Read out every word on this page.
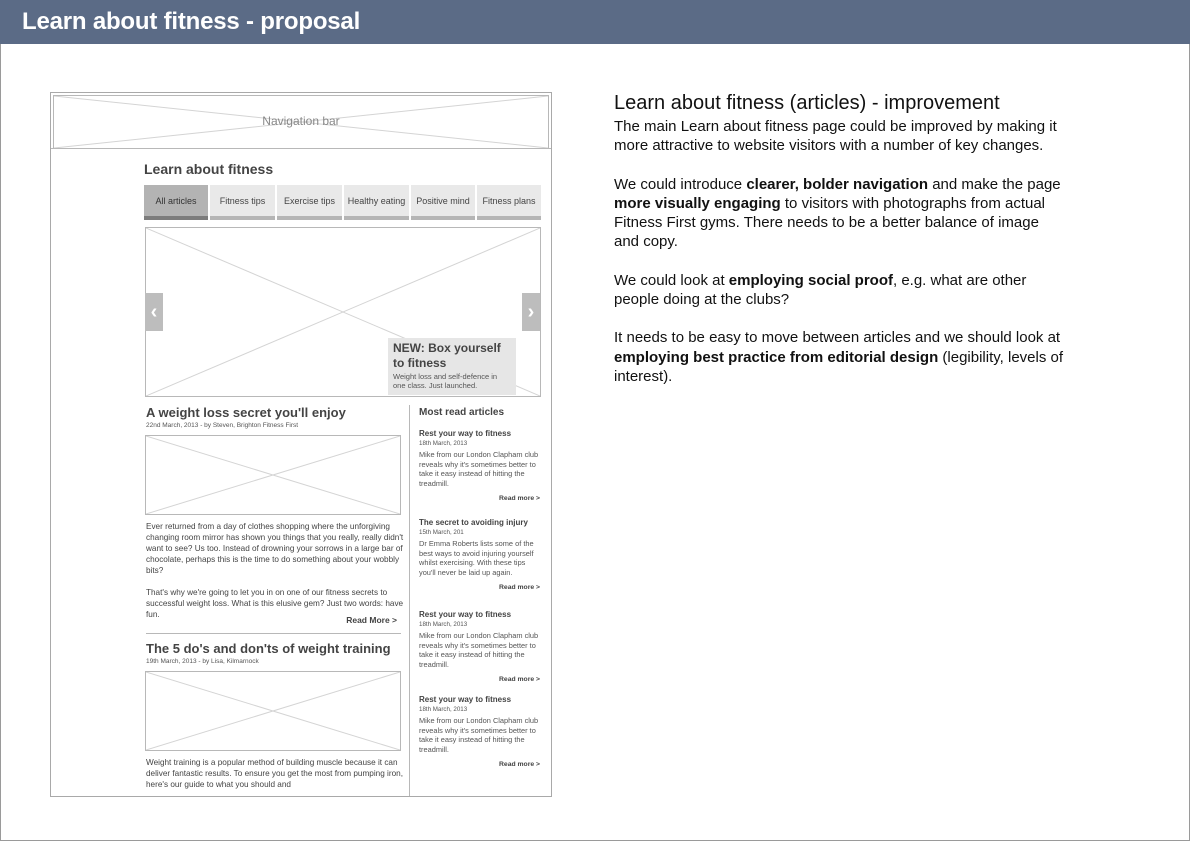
Learn about fitness - proposal
Navigation bar
Learn about fitness
All articles	Fitness tips	Exercise tips	Healthy eating	Positive mind	Fitness plans
‹	›
NEW: Box yourself to fitness
Weight loss and self-defence in one class. Just launched.
A weight loss secret you'll enjoy
22nd March, 2013 - by Steven, Brighton Fitness First
Ever returned from a day of clothes shopping where the unforgiving changing room mirror has shown you things that you really, really didn't want to see? Us too. Instead of drowning your sorrows in a large bar of chocolate, perhaps this is the time to do something about your wobbly bits?
That's why we're going to let you in on one of our fitness secrets to successful weight loss. What is this elusive gem? Just two words: have fun.
Read More >
The 5 do's and don'ts of weight training
19th March, 2013 - by Lisa, Kilmarnock
Weight training is a popular method of building muscle because it can deliver fantastic results. To ensure you get the most from pumping iron, here's our guide to what you should and
Most read articles
Rest your way to fitness
18th March, 2013
Mike from our London Clapham club reveals why it's sometimes better to take it easy instead of hitting the treadmill.
Read more >
The secret to avoiding injury
15th March, 201
Dr Emma Roberts lists some of the best ways to avoid injuring yourself whilst exercising. With these tips you'll never be laid up again.
Read more >
Rest your way to fitness
18th March, 2013
Mike from our London Clapham club reveals why it's sometimes better to take it easy instead of hitting the treadmill.
Read more >
Rest your way to fitness
18th March, 2013
Mike from our London Clapham club reveals why it's sometimes better to take it easy instead of hitting the treadmill.
Read more >
Learn about fitness (articles) - improvement

The main Learn about fitness page could be improved by making it more attractive to website visitors with a number of key changes.

We could introduce clearer, bolder navigation and make the page more visually engaging to visitors with photographs from actual Fitness First gyms. There needs to be a better balance of image and copy.

We could look at employing social proof, e.g. what are other people doing at the clubs?

It needs to be easy to move between articles and we should look at employing best practice from editorial design (legibility, levels of interest).
